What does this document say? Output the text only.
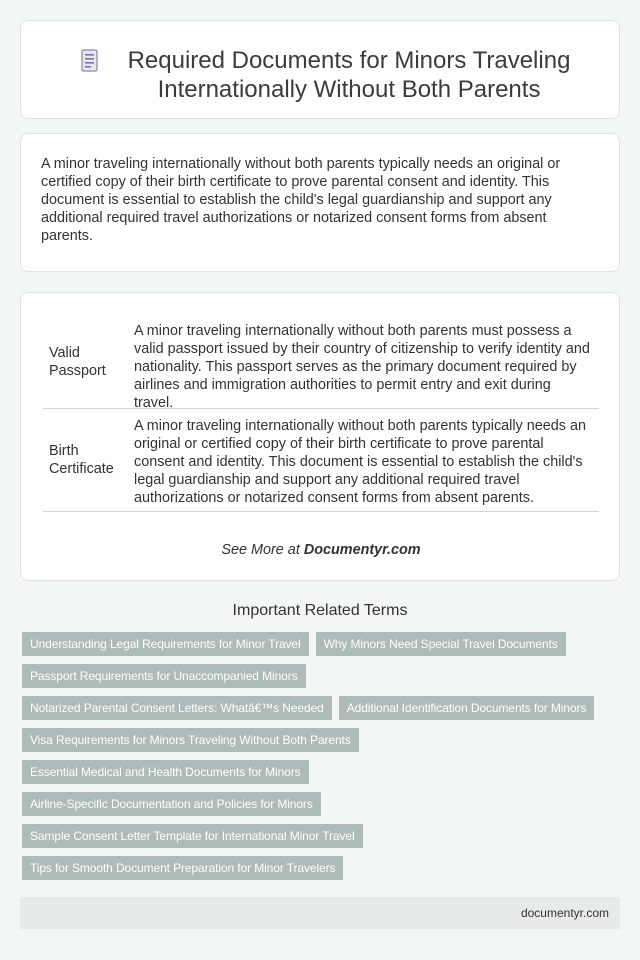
Required Documents for Minors Traveling Internationally Without Both Parents
A minor traveling internationally without both parents typically needs an original or certified copy of their birth certificate to prove parental consent and identity. This document is essential to establish the child's legal guardianship and support any additional required travel authorizations or notarized consent forms from absent parents.
Valid Passport
A minor traveling internationally without both parents must possess a valid passport issued by their country of citizenship to verify identity and nationality. This passport serves as the primary document required by airlines and immigration authorities to permit entry and exit during travel.
Birth Certificate
A minor traveling internationally without both parents typically needs an original or certified copy of their birth certificate to prove parental consent and identity. This document is essential to establish the child's legal guardianship and support any additional required travel authorizations or notarized consent forms from absent parents.
See More at Documentyr.com
Important Related Terms
Understanding Legal Requirements for Minor Travel Why Minors Need Special Travel Documents
Passport Requirements for Unaccompanied Minors
Notarized Parental Consent Letters: Whatâ€™s Needed Additional Identification Documents for Minors
Visa Requirements for Minors Traveling Without Both Parents
Essential Medical and Health Documents for Minors
Airline-Specific Documentation and Policies for Minors
Sample Consent Letter Template for International Minor Travel
Tips for Smooth Document Preparation for Minor Travelers
documentyr.com
